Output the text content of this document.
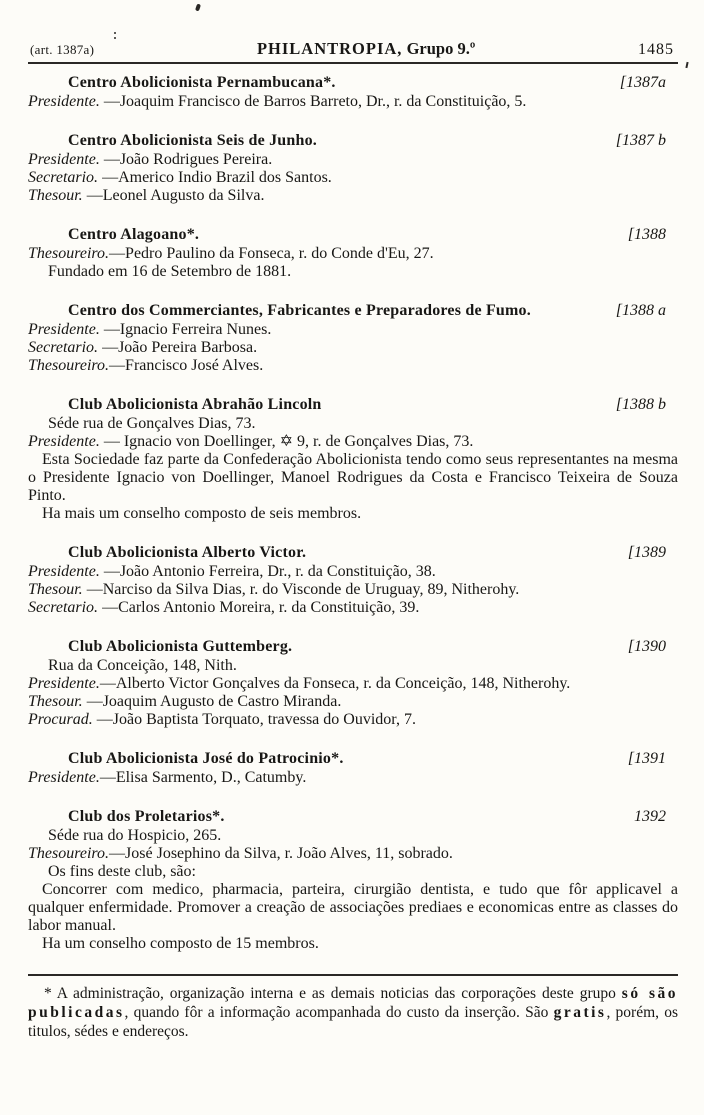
(art. 1387a)	PHILANTROPIA, Grupo 9.º	1485
Centro Abolicionista Pernambucana*.	[1387a

Presidente. —Joaquim Francisco de Barros Barreto, Dr., r. da Constituição, 5.

Centro Abolicionista Seis de Junho.	[1387 b

Presidente. —João Rodrigues Pereira.

Secretario. —Americo Indio Brazil dos Santos.

Thesour. —Leonel Augusto da Silva.

Centro Alagoano*.	[1388

Thesoureiro.—Pedro Paulino da Fonseca, r. do Conde d'Eu, 27.

Fundado em 16 de Setembro de 1881.

Centro dos Commerciantes, Fabricantes e Preparadores de Fumo.	[1388 a

Presidente. —Ignacio Ferreira Nunes.

Secretario. —João Pereira Barbosa.

Thesoureiro.—Francisco José Alves.

Club Abolicionista Abrahão Lincoln	[1388 b

Séde rua de Gonçalves Dias, 73.

Presidente. — Ignacio von Doellinger, ✡ 9, r. de Gonçalves Dias, 73.

Esta Sociedade faz parte da Confederação Abolicionista tendo como seus representantes na mesma o Presidente Ignacio von Doellinger, Manoel Rodrigues da Costa e Francisco Teixeira de Souza Pinto.

Ha mais um conselho composto de seis membros.

Club Abolicionista Alberto Victor.	[1389

Presidente. —João Antonio Ferreira, Dr., r. da Constituição, 38.

Thesour. —Narciso da Silva Dias, r. do Visconde de Uruguay, 89, Nitherohy.

Secretario. —Carlos Antonio Moreira, r. da Constituição, 39.

Club Abolicionista Guttemberg.	[1390

Rua da Conceição, 148, Nith.

Presidente.—Alberto Victor Gonçalves da Fonseca, r. da Conceição, 148, Nitherohy.

Thesour. —Joaquim Augusto de Castro Miranda.

Procurad. —João Baptista Torquato, travessa do Ouvidor, 7.

Club Abolicionista José do Patrocinio*.	[1391

Presidente.—Elisa Sarmento, D., Catumby.

Club dos Proletarios*.	1392

Séde rua do Hospicio, 265.

Thesoureiro.—José Josephino da Silva, r. João Alves, 11, sobrado.

Os fins deste club, são:

Concorrer com medico, pharmacia, parteira, cirurgião dentista, e tudo que fôr applicavel a qualquer enfermidade. Promover a creação de associações prediaes e economicas entre as classes do labor manual.

Ha um conselho composto de 15 membros.

* A administração, organização interna e as demais noticias das corporações deste grupo só são publicadas, quando fôr a informação acompanhada do custo da inserção. São gratis, porém, os titulos, sédes e endereços.
